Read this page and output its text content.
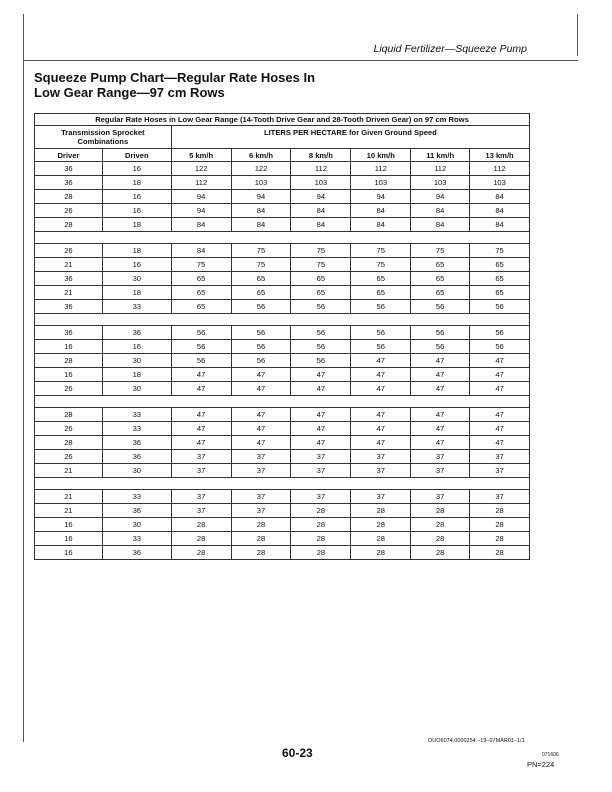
Liquid Fertilizer—Squeeze Pump
Squeeze Pump Chart—Regular Rate Hoses In
Low Gear Range—97 cm Rows
Regular Rate Hoses in Low Gear Range (14-Tooth Drive Gear and 28-Tooth Driven Gear) on 97 cm Rows							
Transmission Sprocket Combinations		LITERS PER HECTARE for Given Ground Speed					
Driver	Driven	5 km/h	6 km/h	8 km/h	10 km/h	11 km/h	13 km/h
36	16	122	122	112	112	112	112
36	18	112	103	103	103	103	103
28	16	94	94	94	94	94	84
26	16	94	84	84	84	84	84
28	18	84	84	84	84	84	84

26	18	84	75	75	75	75	75
21	16	75	75	75	75	65	65
36	30	65	65	65	65	65	65
21	18	65	65	65	65	65	65
36	33	65	56	56	56	56	56

36	36	56	56	56	56	56	56
16	16	56	56	56	56	56	56
28	30	56	56	56	47	47	47
16	18	47	47	47	47	47	47
26	30	47	47	47	47	47	47

28	33	47	47	47	47	47	47
26	33	47	47	47	47	47	47
28	36	47	47	47	47	47	47
26	36	37	37	37	37	37	37
21	30	37	37	37	37	37	37

21	33	37	37	37	37	37	37
21	36	37	37	28	28	28	28
16	30	28	28	28	28	28	28
16	33	28	28	28	28	28	28
16	36	28	28	28	28	28	28
OUO6074,0000254 –19–07MAR01–1/1
60-23	071606
PN=224
